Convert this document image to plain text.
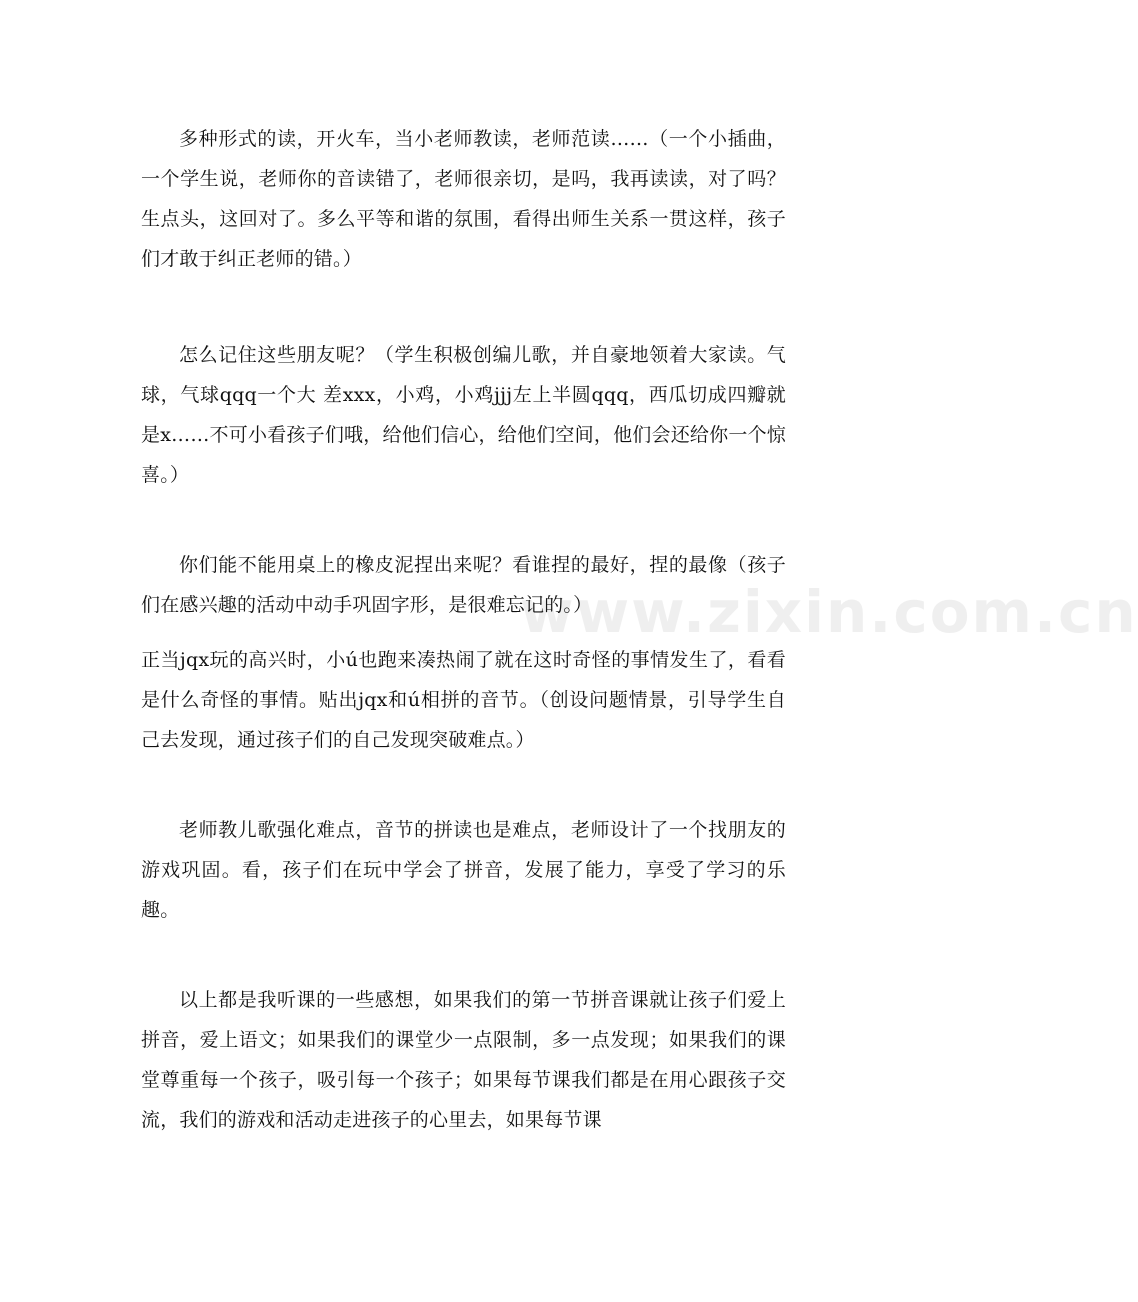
www.zixin.com.cn

多种形式的读，开火车，当小老师教读，老师范读……（一个小插曲，一个学生说，老师你的音读错了，老师很亲切，是吗，我再读读，对了吗？生点头，这回对了。多么平等和谐的氛围，看得出师生关系一贯这样，孩子们才敢于纠正老师的错。）

怎么记住这些朋友呢？（学生积极创编儿歌，并自豪地领着大家读。气球，气球qqq一个大 差xxx，小鸡，小鸡jjj左上半圆qqq，西瓜切成四瓣就是x……不可小看孩子们哦，给他们信心，给他们空间，他们会还给你一个惊喜。）

你们能不能用桌上的橡皮泥捏出来呢？看谁捏的最好，捏的最像（孩子们在感兴趣的活动中动手巩固字形，是很难忘记的。）

正当jqx玩的高兴时，小ú也跑来凑热闹了就在这时奇怪的事情发生了，看看是什么奇怪的事情。贴出jqx和ú相拼的音节。（创设问题情景，引导学生自己去发现，通过孩子们的自己发现突破难点。）

老师教儿歌强化难点，音节的拼读也是难点，老师设计了一个找朋友的游戏巩固。看，孩子们在玩中学会了拼音，发展了能力，享受了学习的乐趣。

以上都是我听课的一些感想，如果我们的第一节拼音课就让孩子们爱上拼音，爱上语文；如果我们的课堂少一点限制，多一点发现；如果我们的课堂尊重每一个孩子，吸引每一个孩子；如果每节课我们都是在用心跟孩子交流，我们的游戏和活动走进孩子的心里去，如果每节课
